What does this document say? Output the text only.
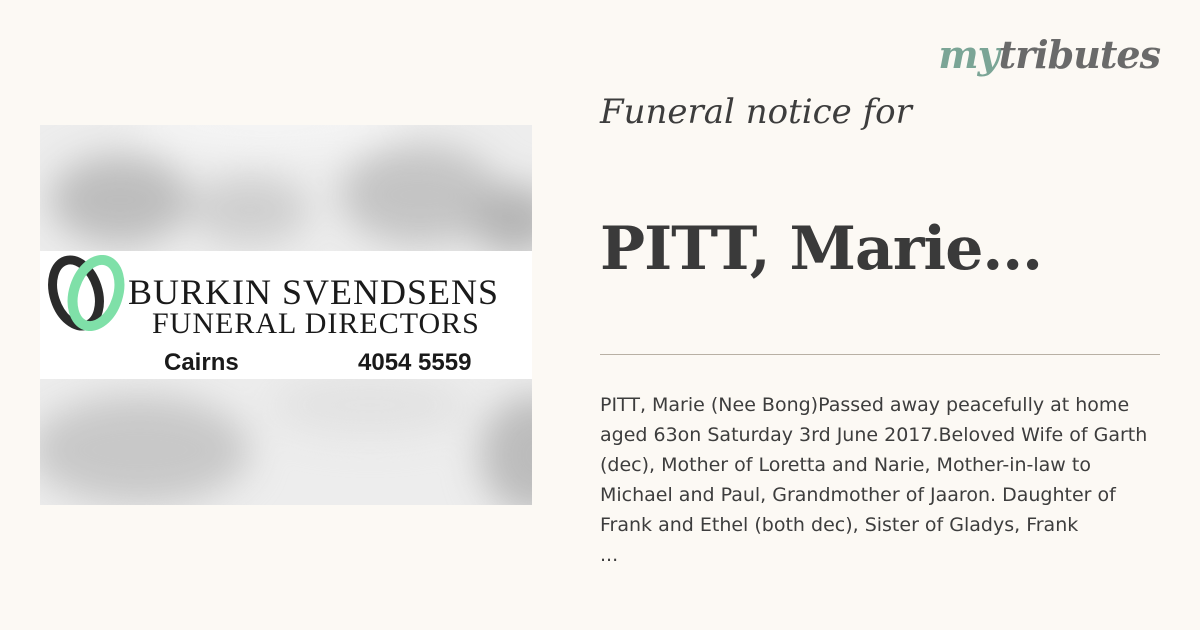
mytributes
BURKIN SVENDSENS
FUNERAL DIRECTORS
Cairns	4054 5559
Funeral notice for
PITT, Marie...
PITT, Marie (Nee Bong)Passed away peacefully at home
aged 63on Saturday 3rd June 2017.Beloved Wife of Garth
(dec), Mother of Loretta and Narie, Mother-in-law to
Michael and Paul, Grandmother of Jaaron. Daughter of
Frank and Ethel (both dec), Sister of Gladys, Frank
...
